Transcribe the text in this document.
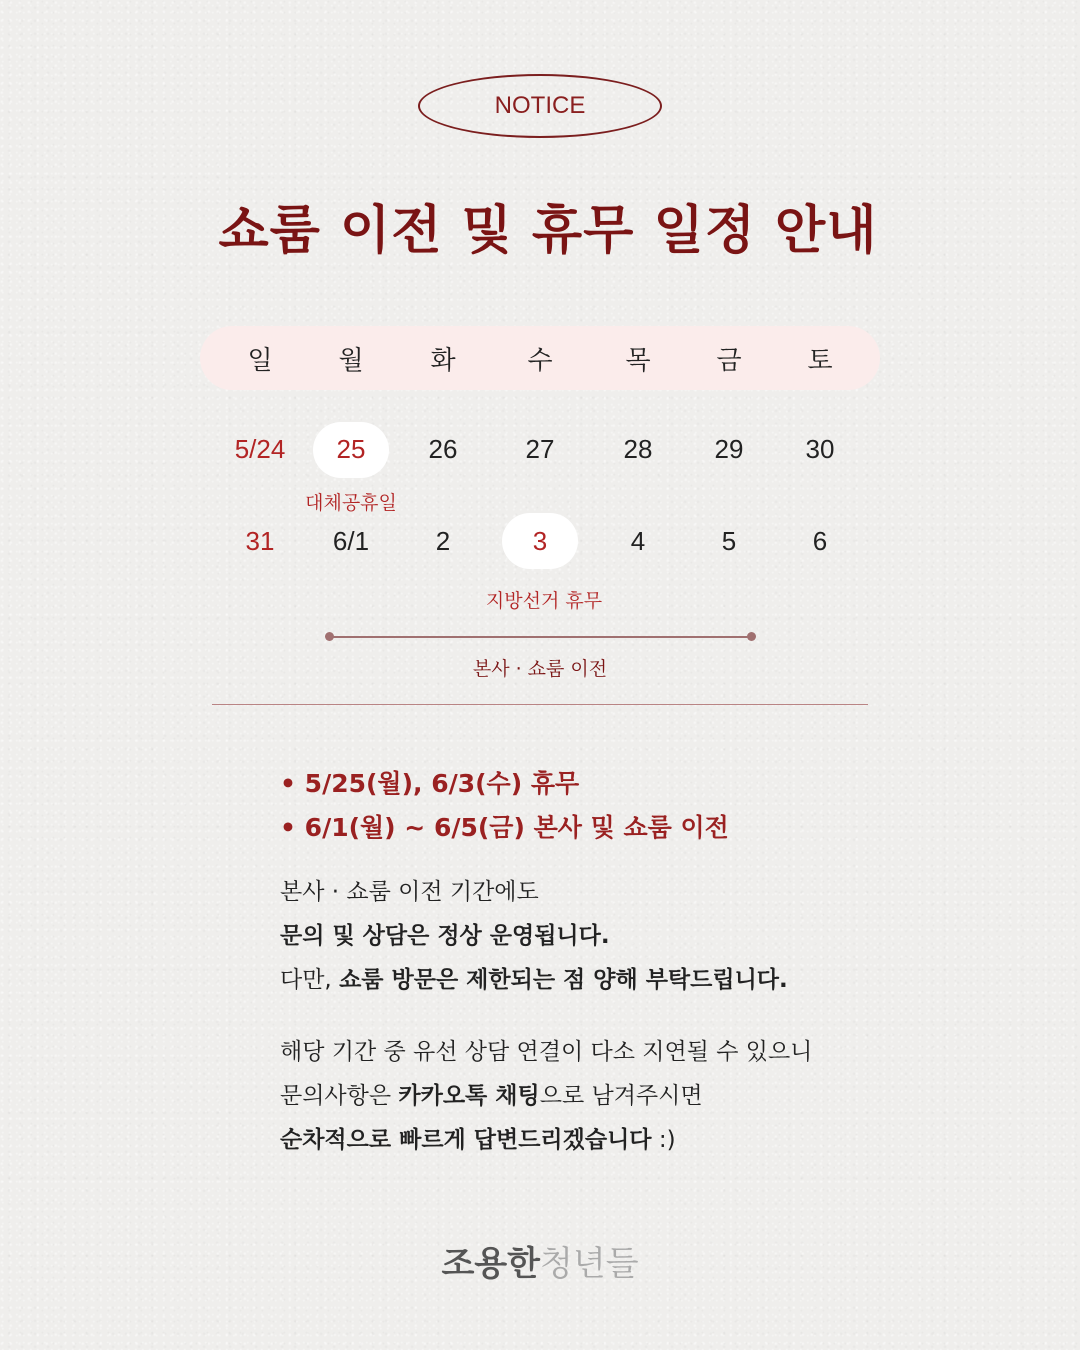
NOTICE
쇼룸 이전 및 휴무 일정 안내
일	월	화	수	목	금	토
5/24	25	26	27	28	29	30
대체공휴일
31	6/1	2	3	4	5	6
지방선거 휴무
본사 · 쇼룸 이전
• 5/25(월), 6/3(수) 휴무
• 6/1(월) ~ 6/5(금) 본사 및 쇼룸 이전
본사 · 쇼룸 이전 기간에도
문의 및 상담은 정상 운영됩니다.
다만, 쇼룸 방문은 제한되는 점 양해 부탁드립니다.
해당 기간 중 유선 상담 연결이 다소 지연될 수 있으니
문의사항은 카카오톡 채팅으로 남겨주시면
순차적으로 빠르게 답변드리겠습니다 :)
조용한청년들
